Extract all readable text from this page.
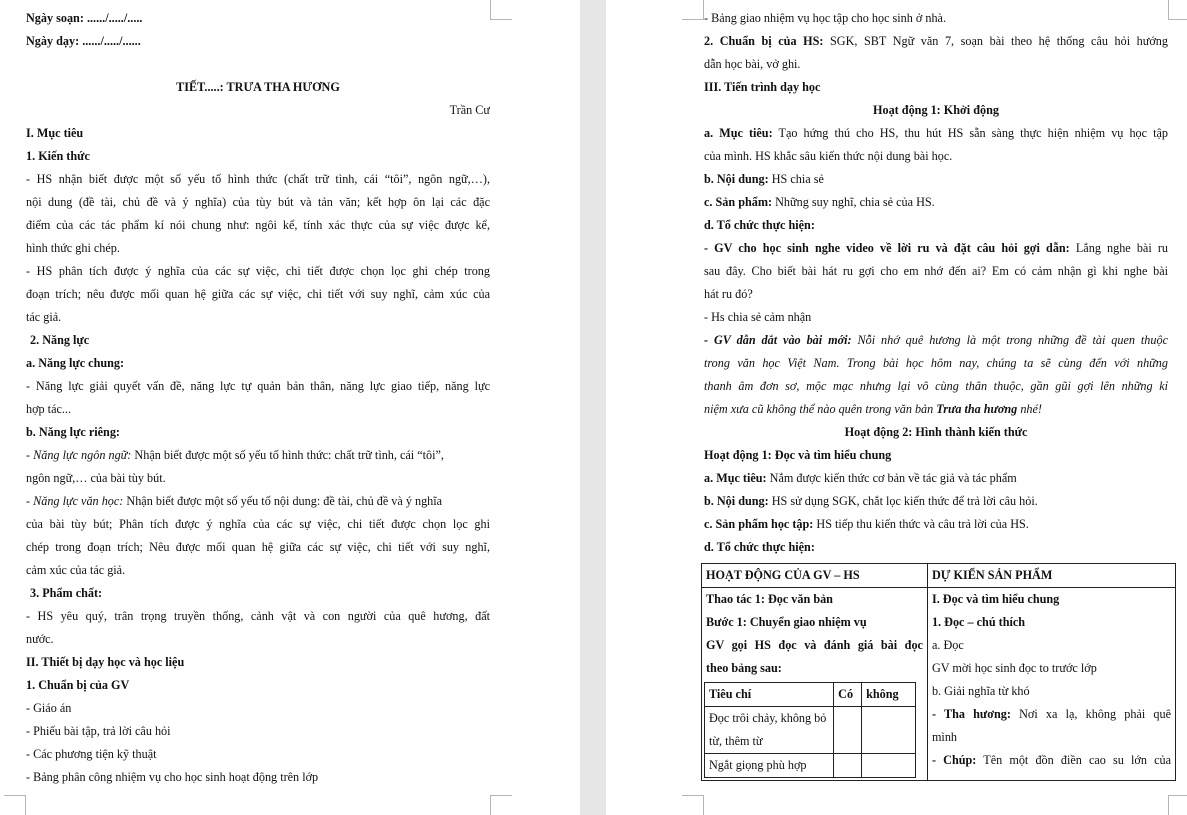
Ngày soạn: ....../...../.....
Ngày dạy: ....../...../......
TIẾT.....: TRƯA THA HƯƠNG
Trần Cư
I. Mục tiêu
1. Kiến thức
- HS nhận biết được một số yếu tố hình thức (chất trữ tình, cái “tôi”, ngôn ngữ,…),
nội dung (đề tài, chủ đề và ý nghĩa) của tùy bút và tản văn; kết hợp ôn lại các đặc
điểm của các tác phẩm kí nói chung như: ngôi kể, tính xác thực của sự việc được kể,
hình thức ghi chép.
- HS phân tích được ý nghĩa của các sự việc, chi tiết được chọn lọc ghi chép trong
đoạn trích; nêu được mối quan hệ giữa các sự việc, chi tiết với suy nghĩ, cảm xúc của
tác giả.
2. Năng lực
a. Năng lực chung:
- Năng lực giải quyết vấn đề, năng lực tự quản bản thân, năng lực giao tiếp, năng lực
hợp tác...
b. Năng lực riêng:
- Năng lực ngôn ngữ: Nhận biết được một số yếu tố hình thức: chất trữ tình, cái “tôi”,
ngôn ngữ,… của bài tùy bút.
- Năng lực văn học: Nhận biết được một số yếu tố nội dung: đề tài, chủ đề và ý nghĩa
của bài tùy bút; Phân tích được ý nghĩa của các sự việc, chi tiết được chọn lọc ghi
chép trong đoạn trích; Nêu được mối quan hệ giữa các sự việc, chi tiết với suy nghĩ,
cảm xúc của tác giả.
3. Phẩm chất:
- HS yêu quý, trân trọng truyền thống, cảnh vật và con người của quê hương, đất
nước.
II. Thiết bị dạy học và học liệu
1. Chuẩn bị của GV
- Giáo án
- Phiếu bài tập, trả lời câu hỏi
- Các phương tiện kỹ thuật
- Bảng phân công nhiệm vụ cho học sinh hoạt động trên lớp
- Bảng giao nhiệm vụ học tập cho học sinh ở nhà.
2. Chuẩn bị của HS: SGK, SBT Ngữ văn 7, soạn bài theo hệ thống câu hỏi hướng
dẫn học bài, vở ghi.
III. Tiến trình dạy học
Hoạt động 1: Khởi động
a. Mục tiêu: Tạo hứng thú cho HS, thu hút HS sẵn sàng thực hiện nhiệm vụ học tập
của mình. HS khắc sâu kiến thức nội dung bài học.
b. Nội dung: HS chia sẻ
c. Sản phẩm: Những suy nghĩ, chia sẻ của HS.
d. Tổ chức thực hiện:
- GV cho học sinh nghe video về lời ru và đặt câu hỏi gợi dẫn: Lắng nghe bài ru
sau đây. Cho biết bài hát ru gợi cho em nhớ đến ai? Em có cảm nhận gì khi nghe bài
hát ru đó?
- Hs chia sẻ cảm nhận
- GV dẫn dắt vào bài mới: Nỗi nhớ quê hương là một trong những đề tài quen thuộc
trong văn học Việt Nam. Trong bài học hôm nay, chúng ta sẽ cùng đến với những
thanh âm đơn sơ, mộc mạc nhưng lại vô cùng thân thuộc, gần gũi gợi lên những kỉ
niệm xưa cũ không thể nào quên trong văn bản Trưa tha hương nhé!
Hoạt động 2: Hình thành kiến thức
Hoạt động 1: Đọc và tìm hiểu chung
a. Mục tiêu: Nắm được kiến thức cơ bản về tác giả và tác phẩm
b. Nội dung: HS sử dụng SGK, chắt lọc kiến thức để trả lời câu hỏi.
c. Sản phẩm học tập: HS tiếp thu kiến thức và câu trả lời của HS.
d. Tổ chức thực hiện:
HOẠT ĐỘNG CỦA GV – HS	DỰ KIẾN SẢN PHẨM

Thao tác 1: Đọc văn bản
Bước 1: Chuyển giao nhiệm vụ
GV gọi HS đọc và đánh giá bài đọc
theo bảng sau:
Tiêu chí	Có	không
Đọc trôi chảy, không bỏ từ, thêm từ		
Ngắt giọng phù hợp		

I. Đọc và tìm hiểu chung
1. Đọc – chú thích
a. Đọc
GV mời học sinh đọc to trước lớp
b. Giải nghĩa từ khó
- Tha hương: Nơi xa lạ, không phải quê
mình
- Chúp: Tên một đồn điền cao su lớn của
